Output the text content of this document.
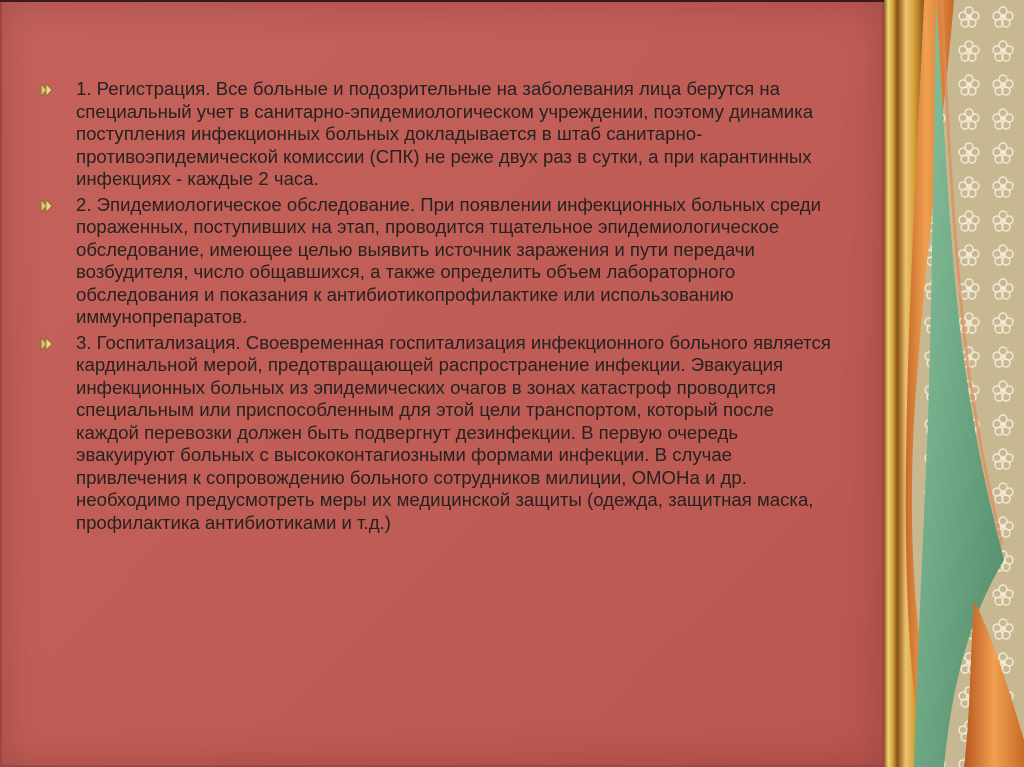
1. Регистрация. Все больные и подозрительные на заболевания лица берутся на специальный учет в санитарно-эпидемиологическом учреждении, поэтому динамика поступления инфекционных больных докладывается в штаб санитарно-противоэпидемической комиссии (СПК) не реже двух раз в сутки, а при карантинных инфекциях - каждые 2 часа.
2. Эпидемиологическое обследование. При появлении инфекционных больных среди пораженных, поступивших на этап, проводится тщательное эпидемиологическое обследование, имеющее целью выявить источник заражения и пути передачи возбудителя, число общавшихся, а также определить объем лабораторного обследования и показания к антибиотикопрофилактике или использованию иммунопрепаратов.
3. Госпитализация. Своевременная госпитализация инфекционного больного является кардинальной мерой, предотвращающей распространение инфекции. Эвакуация инфекционных больных из эпидемических очагов в зонах катастроф проводится специальным или приспособленным для этой цели транспортом, который после каждой перевозки должен быть подвергнут дезинфекции. В первую очередь эвакуируют больных с высококонтагиозными формами инфекции. В случае привлечения к сопровождению больного сотрудников милиции, ОМОНа и др. необходимо предусмотреть меры их медицинской защиты (одежда, защитная маска, профилактика антибиотиками и т.д.)
